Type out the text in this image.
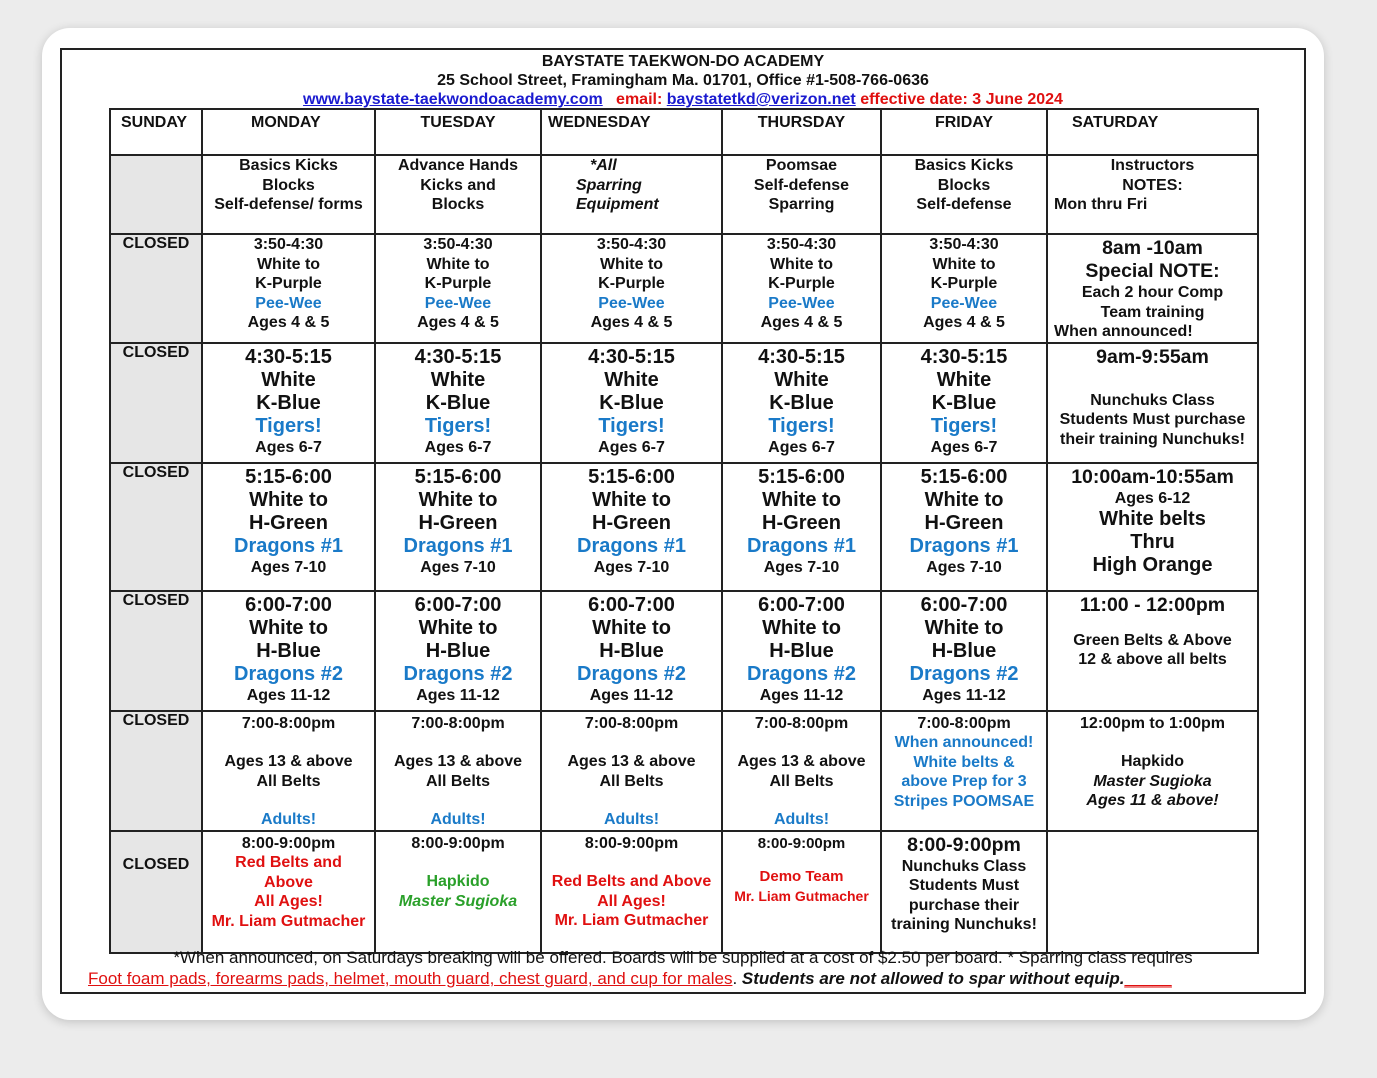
BAYSTATE TAEKWON-DO ACADEMY
25 School Street, Framingham Ma. 01701, Office #1-508-766-0636
www.baystate-taekwondoacademy.com email: baystatetkd@verizon.net effective date: 3 June 2024
SUNDAY	MONDAY	TUESDAY	WEDNESDAY	THURSDAY	FRIDAY	SATURDAY

	Basics Kicks
Blocks
Self-defense/ forms	Advance Hands
Kicks and
Blocks	*All
Sparring
Equipment	Poomsae
Self-defense
Sparring	Basics Kicks
Blocks
Self-defense	Instructors
NOTES:
Mon thru Fri

CLOSED	3:50-4:30
White to
K-Purple
Pee-Wee
Ages 4 & 5	3:50-4:30
White to
K-Purple
Pee-Wee
Ages 4 & 5	3:50-4:30
White to
K-Purple
Pee-Wee
Ages 4 & 5	3:50-4:30
White to
K-Purple
Pee-Wee
Ages 4 & 5	3:50-4:30
White to
K-Purple
Pee-Wee
Ages 4 & 5	8am -10am
Special NOTE:
Each 2 hour Comp
Team training
When announced!

CLOSED	4:30-5:15
White
K-Blue
Tigers!
Ages 6-7	4:30-5:15
White
K-Blue
Tigers!
Ages 6-7	4:30-5:15
White
K-Blue
Tigers!
Ages 6-7	4:30-5:15
White
K-Blue
Tigers!
Ages 6-7	4:30-5:15
White
K-Blue
Tigers!
Ages 6-7	9am-9:55am
Nunchuks Class
Students Must purchase
their training Nunchuks!

CLOSED	5:15-6:00
White to
H-Green
Dragons #1
Ages 7-10	5:15-6:00
White to
H-Green
Dragons #1
Ages 7-10	5:15-6:00
White to
H-Green
Dragons #1
Ages 7-10	5:15-6:00
White to
H-Green
Dragons #1
Ages 7-10	5:15-6:00
White to
H-Green
Dragons #1
Ages 7-10	10:00am-10:55am
Ages 6-12
White belts
Thru
High Orange

CLOSED	6:00-7:00
White to
H-Blue
Dragons #2
Ages 11-12	6:00-7:00
White to
H-Blue
Dragons #2
Ages 11-12	6:00-7:00
White to
H-Blue
Dragons #2
Ages 11-12	6:00-7:00
White to
H-Blue
Dragons #2
Ages 11-12	6:00-7:00
White to
H-Blue
Dragons #2
Ages 11-12	11:00 - 12:00pm
Green Belts & Above
12 & above all belts

CLOSED	7:00-8:00pm
Ages 13 & above
All Belts
Adults!	7:00-8:00pm
Ages 13 & above
All Belts
Adults!	7:00-8:00pm
Ages 13 & above
All Belts
Adults!	7:00-8:00pm
Ages 13 & above
All Belts
Adults!	7:00-8:00pm
When announced!
White belts &
above Prep for 3
Stripes POOMSAE	12:00pm to 1:00pm
Hapkido
Master Sugioka
Ages 11 & above!

CLOSED	8:00-9:00pm
Red Belts and
Above
All Ages!
Mr. Liam Gutmacher	8:00-9:00pm
Hapkido
Master Sugioka	8:00-9:00pm
Red Belts and Above
All Ages!
Mr. Liam Gutmacher	8:00-9:00pm
Demo Team
Mr. Liam Gutmacher	8:00-9:00pm
Nunchuks Class
Students Must
purchase their
training Nunchuks!	

*When announced, on Saturdays breaking will be offered. Boards will be supplied at a cost of $2.50 per board. * Sparring class requires
Foot foam pads, forearms pads, helmet, mouth guard, chest guard, and cup for males. Students are not allowed to spar without equip._____
